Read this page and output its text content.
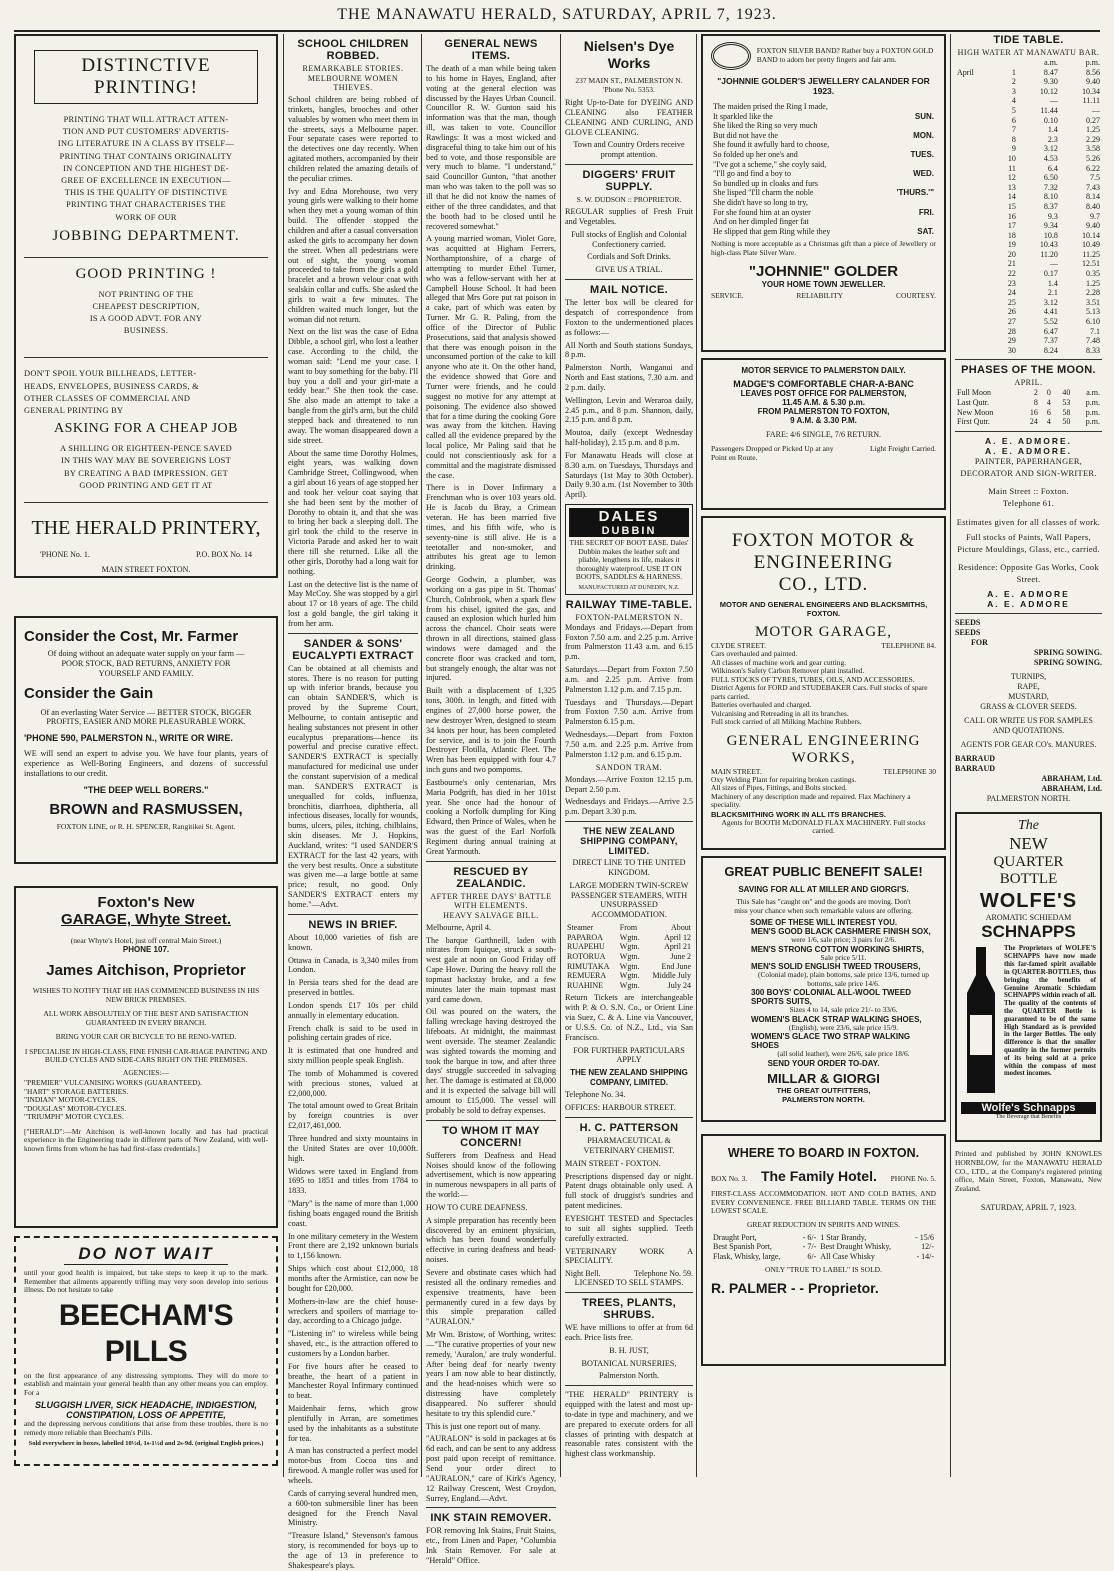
THE MANAWATU HERALD, SATURDAY, APRIL 7, 1923.
DISTINCTIVE PRINTING!
PRINTING THAT WILL ATTRACT ATTEN-
TION AND PUT CUSTOMERS' ADVERTIS-
ING LITERATURE IN A CLASS BY ITSELF—
PRINTING THAT CONTAINS ORIGINALITY
IN CONCEPTION AND THE HIGHEST DE-
GREE OF EXCELLENCE IN EXECUTION—
THIS IS THE QUALITY OF DISTINCTIVE
PRINTING THAT CHARACTERISES THE
WORK OF OUR
JOBBING DEPARTMENT.
GOOD PRINTING !
NOT PRINTING OF THE
CHEAPEST DESCRIPTION,
IS A GOOD ADVT. FOR ANY
BUSINESS.
DON'T SPOIL YOUR BILLHEADS, LETTER-
HEADS, ENVELOPES, BUSINESS CARDS, &
OTHER CLASSES OF COMMERCIAL AND
GENERAL PRINTING BY
ASKING FOR A CHEAP JOB
A SHILLING OR EIGHTEEN-PENCE SAVED
IN THIS WAY MAY BE SOVEREIGNS LOST
BY CREATING A BAD IMPRESSION. GET
GOOD PRINTING AND GET IT AT
THE HERALD PRINTERY,
'PHONE No. 1.	P.O. BOX No. 14
MAIN STREET FOXTON.
Consider the Cost, Mr. Farmer

Of doing without an adequate water supply on your farm — POOR STOCK, BAD RETURNS, ANXIETY FOR YOURSELF AND FAMILY.

Consider the Gain

Of an everlasting Water Service — BETTER STOCK, BIGGER PROFITS, EASIER AND MORE PLEASURABLE WORK.

'PHONE 590, PALMERSTON N., WRITE OR WIRE.

WE will send an expert to advise you. We have four plants, years of experience as Well-Boring Engineers, and dozens of successful installations to our credit.

"THE DEEP WELL BORERS."
BROWN and RASMUSSEN,
FOXTON LINE, or R. H. SPENCER, Rangitikei St. Agent.
Foxton's New
GARAGE, Whyte Street.
(near Whyte's Hotel, just off central Main Street.)
PHONE 107.
James Aitchison, Proprietor

WISHES TO NOTIFY THAT HE HAS COMMENCED BUSINESS IN HIS NEW BRICK PREMISES.

ALL WORK ABSOLUTELY OF THE BEST AND SATISFACTION GUARANTEED IN EVERY BRANCH.

BRING YOUR CAR OR BICYCLE TO BE RENO-VATED.

I SPECIALISE IN HIGH-CLASS, FINE FINISH CAR-RIAGE PAINTING AND BUILD CYCLES AND SIDE-CARS RIGHT ON THE PREMISES.

AGENCIES:—
"PREMIER" VULCANISING WORKS (GUARANTEED).
"HART" STORAGE BATTERIES.
"INDIAN" MOTOR-CYCLES.
"DOUGLAS" MOTOR-CYCLES.
"TRIUMPH" MOTOR CYCLES.

["HERALD":—Mr Aitchison is well-known locally and has had practical experience in the Engineering trade in different parts of New Zealand, with well-known firms from whom he has had first-class credentials.]

DO NOT WAIT

until your good health is impaired, but take steps to keep it up to the mark. Remember that ailments apparently trifling may very soon develop into serious illness. Do not hesitate to take

BEECHAM'S PILLS

on the first appearance of any distressing symptoms. They will do more to establish and maintain your general health than any other means you can employ. For a

SLUGGISH LIVER, SICK HEADACHE, INDIGESTION, CONSTIPATION, LOSS OF APPETITE,

and the depressing nervous conditions that arise from these troubles, there is no remedy more reliable than Beecham's Pills.

Sold everywhere in boxes, labelled 10½d, 1s-1½d and 2s-9d. (original English prices.)
SCHOOL CHILDREN ROBBED.
REMARKABLE STORIES.
MELBOURNE WOMEN THIEVES.

School children are being robbed of trinkets, bangles, brooches and other valuables by women who meet them in the streets, says a Melbourne paper. Four separate cases were reported to the detectives one day recently. When agitated mothers, accompanied by their children related the amazing details of the peculiar crimes.

Ivy and Edna Morehouse, two very young girls were walking to their home when they met a young woman of thin build. The offender stopped the children and after a casual conversation asked the girls to accompany her down the street. When all pedestrians were out of sight, the young woman proceeded to take from the girls a gold bracelet and a brown velour coat with sealskin collar and cuffs. She asked the girls to wait a few minutes. The children waited much longer, but the woman did not return.

Next on the list was the case of Edna Dibble, a school girl, who lost a leather case. According to the child, the woman said: "Lend me your case. I want to buy something for the baby. I'll buy you a doll and your girl-mate a teddy bear." She then took the case. She also made an attempt to take a bangle from the girl's arm, but the child stepped back and threatened to run away. The woman disappeared down a side street.

About the same time Dorothy Holmes, eight years, was walking down Cambridge Street, Collingwood, when a girl about 16 years of age stopped her and took her velour coat saying that she had been sent by the mother of Dorothy to obtain it, and that she was to bring her back a sleeping doll. The girl took the child to the reserve in Victoria Parade and asked her to wait there till she returned. Like all the other girls, Dorothy had a long wait for nothing.

Last on the detective list is the name of May McCoy. She was stopped by a girl about 17 or 18 years of age. The child lost a gold bangle, the girl taking it from her arm.

SANDER & SONS' EUCALYPTI EXTRACT

Can be obtained at all chemists and stores. There is no reason for putting up with inferior brands, because you can obtain SANDER'S, which is proved by the Supreme Court, Melbourne, to contain antiseptic and healing substances not present in other eucalyptus preparations—hence its powerful and precise curative effect. SANDER'S EXTRACT is specially manufactured for medicinal use under the constant supervision of a medical man. SANDER'S EXTRACT is unequalled for colds, influenza, bronchitis, diarrhoea, diphtheria, all infectious diseases, locally for wounds, burns, ulcers, piles, itching, chilblains, skin diseases. Mr J. Hopkins, Auckland, writes: "I used SANDER'S EXTRACT for the last 42 years, with the very best results. Once a substitute was given me—a large bottle at same price; result, no good. Only SANDER'S EXTRACT enters my home."—Advt.

NEWS IN BRIEF.

About 10,000 varieties of fish are known.

Ottawa in Canada, is 3,340 miles from London.

In Persia tears shed for the dead are preserved in bottles.

London spends £17 10s per child annually in elementary education.

French chalk is said to be used in polishing certain grades of rice.

It is estimated that one hundred and sixty million people speak English.

The tomb of Mohammed is covered with precious stones, valued at £2,000,000.

The total amount owed to Great Britain by foreign countries is over £2,017,461,000.

Three hundred and sixty mountains in the United States are over 10,000ft. high.

Widows were taxed in England from 1695 to 1851 and titles from 1784 to 1833.

"Mary" is the name of more than 1,000 fishing boats engaged round the British coast.

In one military cemetery in the Western Front there are 2,192 unknown burials to 1,156 known.

Ships which cost about £12,000, 18 months after the Armistice, can now be bought for £20,000.

Mothers-in-law are the chief house-wreckers and spoilers of marriage to-day, according to a Chicago judge.

"Listening in" to wireless while being shaved, etc., is the attraction offered to customers by a London barber.

For five hours after he ceased to breathe, the heart of a patient in Manchester Royal Infirmary continued to beat.

Maidenhair ferns, which grow plentifully in Arran, are sometimes used by the inhabitants as a substitute for tea.

A man has constructed a perfect model motor-bus from Cocoa tins and firewood. A mangle roller was used for wheels.

Cards of carrying several hundred men, a 600-ton submersible liner has been designed for the French Naval Ministry.

"Treasure Island," Stevenson's famous story, is recommended for boys up to the age of 13 in preference to Shakespeare's plays.

GENERAL NEWS ITEMS.

The death of a man while being taken to his home in Hayes, England, after voting at the general election was discussed by the Hayes Urban Council. Councillor R. W. Gunton said his information was that the man, though ill, was taken to vote. Councillor Rawlings: It was a most wicked and disgraceful thing to take him out of his bed to vote, and those responsible are very much to blame. "I understand," said Councillor Gunton, "that another man who was taken to the poll was so ill that he did not know the names of either of the three candidates, and that the booth had to be closed until he recovered somewhat."

A young married woman, Violet Gore, was acquitted at Higham Ferrers, Northamptonshire, of a charge of attempting to murder Ethel Turner, who was a fellow-servant with her at Campbell House School. It had been alleged that Mrs Gore put rat poison in a cake, part of which was eaten by Turner. Mr G. R. Paling, from the office of the Director of Public Prosecutions, said that analysis showed that there was enough poison in the unconsumed portion of the cake to kill anyone who ate it. On the other hand, the evidence showed that Gore and Turner were friends, and he could suggest no motive for any attempt at poisoning. The evidence also showed that for a time during the cooking Gore was away from the kitchen. Having called all the evidence prepared by the local police, Mr Paling said that he could not conscientiously ask for a committal and the magistrate dismissed the case.

There is in Dover Infirmary a Frenchman who is over 103 years old. He is Jacob du Bray, a Crimean veteran. He has been married five times, and his fifth wife, who is seventy-nine is still alive. He is a teetotaller and non-smoker, and attributes his great age to lemon drinking.

George Godwin, a plumber, was working on a gas pipe in St. Thomas' Church, Colnbrook, when a spark flew from his chisel, ignited the gas, and caused an explosion which hurled him across the chancel. Choir seats were thrown in all directions, stained glass windows were damaged and the concrete floor was cracked and torn, but strangely enough, the altar was not injured.

Built with a displacement of 1,325 tons, 300ft. in length, and fitted with engines of 27,000 horse power, the new destroyer Wren, designed to steam 34 knots per hour, has been completed for service, and is to join the Fourth Destroyer Flotilla, Atlantic Fleet. The Wren has been equipped with four 4.7 inch guns and two pompoms.

Eastbourne's only centenarian, Mrs Maria Podgrift, has died in her 101st year. She once had the honour of cooking a Norfolk dumpling for King Edward, then Prince of Wales, when he was the guest of the Earl Norfolk Regiment during annual training at Great Yarmouth.

RESCUED BY ZEALANDIC.
AFTER THREE DAYS' BATTLE WITH ELEMENTS.
HEAVY SALVAGE BILL.

Melbourne, April 4.

The barque Garthneill, laden with nitrates from Iquique, struck a south-west gale at noon on Good Friday off Cape Howe. During the heavy roll the topmast backstay broke, and a few minutes later the main topmast mast yard came down.

Oil was poured on the waters, the falling wreckage having destroyed the lifeboats. At midnight, the mainmast went overside. The steamer Zealandic was sighted towards the morning and took the barque in tow, and after three days' struggle succeeded in salvaging her. The damage is estimated at £8,000 and it is expected the salvage bill will amount to £15,000. The vessel will probably be sold to defray expenses.

TO WHOM IT MAY CONCERN!

Sufferers from Deafness and Head Noises should know of the following advertisement, which is now appearing in numerous newspapers in all parts of the world:—

HOW TO CURE DEAFNESS.

A simple preparation has recently been discovered by an eminent physician, which has been found wonderfully effective in curing deafness and head-noises.

Severe and obstinate cases which had resisted all the ordinary remedies and expensive treatments, have been permanently cured in a few days by this simple preparation called "AURALON."

Mr Wm. Bristow, of Worthing, writes:—"The curative properties of your new remedy, 'Auralon,' are truly wonderful. After being deaf for nearly twenty years I am now able to hear distinctly, and the head-noises which were so distressing have completely disappeared. No sufferer should hesitate to try this splendid cure."

This is just one report out of many.

"AURALON" is sold in packages at 6s 6d each, and can be sent to any address post paid upon receipt of remittance. Send your order direct to "AURALON," care of Kirk's Agency, 12 Railway Crescent, West Croydon, Surrey, England.—Advt.

INK STAIN REMOVER.

FOR removing Ink Stains, Fruit Stains, etc., from Linen and Paper, "Columbia Ink Stain Remover. For sale at "Herald" Office.

Nielsen's Dye Works
237 MAIN ST., PALMERSTON N.
'Phone No. 5353.

Right Up-to-Date for DYEING AND CLEANING also FEATHER CLEANING AND CURLING, AND GLOVE CLEANING.

Town and Country Orders receive prompt attention.

DIGGERS' FRUIT SUPPLY.
S. W. DUDSON :: PROPRIETOR.

REGULAR supplies of Fresh Fruit and Vegetables.

Full stocks of English and Colonial Confectionery carried.

Cordials and Soft Drinks.

GIVE US A TRIAL.

MAIL NOTICE.

The letter box will be cleared for despatch of correspondence from Foxton to the undermentioned places as follows:—

All North and South stations Sundays, 8 p.m.

Palmerston North, Wanganui and North and East stations, 7.30 a.m. and 2 p.m. daily.

Wellington, Levin and Weraroa daily, 2.45 p.m., and 8 p.m. Shannon, daily, 2.15 p.m. and 8 p.m.

Moutoa, daily (except Wednesday half-holiday), 2.15 p.m. and 8 p.m.

For Manawatu Heads will close at 8.30 a.m. on Tuesdays, Thursdays and Saturdays (1st May to 30th October). Daily 9.30 a.m. (1st November to 30th April).

DALES
DUBBIN

THE SECRET OF BOOT EASE. Dales' Dubbin makes the leather soft and pliable, lengthens its life, makes it thoroughly waterproof. USE IT ON BOOTS, SADDLES & HARNESS.

MANUFACTURED AT DUNEDIN, N.Z.
RAILWAY TIME-TABLE.
FOXTON-PALMERSTON N.

Mondays and Fridays.—Depart from Foxton 7.50 a.m. and 2.25 p.m. Arrive from Palmerston 11.43 a.m. and 6.15 p.m.

Saturdays.—Depart from Foxton 7.50 a.m. and 2.25 p.m. Arrive from Palmerston 1.12 p.m. and 7.15 p.m.

Tuesdays and Thursdays.—Depart from Foxton 7.50 a.m. Arrive from Palmerston 6.15 p.m.

Wednesdays.—Depart from Foxton 7.50 a.m. and 2.25 p.m. Arrive from Palmerston 1.12 p.m. and 6.15 p.m.

SANDON TRAM.

Mondays.—Arrive Foxton 12.15 p.m. Depart 2.50 p.m.

Wednesdays and Fridays.—Arrive 2.5 p.m. Depart 3.30 p.m.

THE NEW ZEALAND SHIPPING COMPANY, LIMITED.

DIRECT LINE TO THE UNITED KINGDOM.

LARGE MODERN TWIN-SCREW PASSENGER STEAMERS, WITH UNSURPASSED ACCOMMODATION.

Steamer	From	About
PAPAROA	Wgtn.	April 12
RUAPEHU	Wgtn.	April 21
ROTORUA	Wgtn.	June 2
RIMUTAKA	Wgtn.	End June
REMUERA	Wgtn.	Middle July
RUAHINE	Wgtn.	July 24

Return Tickets are interchangeable with P. & O. S.N. Co., or Orient Line via Suez, C. & A. Line via Vancouver, or U.S.S. Co. of N.Z., Ltd., via San Francisco.

FOR FURTHER PARTICULARS APPLY

THE NEW ZEALAND SHIPPING COMPANY, LIMITED.

Telephone No. 34.

OFFICES: HARBOUR STREET.

H. C. PATTERSON

PHARMACEUTICAL & VETERINARY CHEMIST.

MAIN STREET - FOXTON.

Prescriptions dispensed day or night. Patent drugs obtainable only used. A full stock of druggist's sundries and patent medicines.

EYESIGHT TESTED and Spectacles to suit all sights supplied. Teeth carefully extracted.

VETERINARY WORK A SPECIALITY.

Night Bell.	Telephone No. 59.

LICENSED TO SELL STAMPS.

TREES, PLANTS, SHRUBS.

WE have millions to offer at from 6d each. Price lists free.

B. H. JUST,

BOTANICAL NURSERIES,

Palmerston North.

"THE HERALD" PRINTERY is equipped with the latest and most up-to-date in type and machinery, and we are prepared to execute orders for all classes of printing with despatch at reasonable rates consistent with the highest class workmanship.

FOXTON SILVER BAND? Rather buy a FOXTON GOLD BAND to adorn her pretty fingers and fair arm.
"JOHNNIE GOLDER'S JEWELLERY CALANDER FOR 1923.
The maiden prised the Ring I made,	
It sparkled like the	SUN.
She liked the Ring so very much	
But did not have the	MON.
She found it awfully hard to choose,	
So folded up her one's and	TUES.
"I've got a scheme," she coyly said,	
"I'll go and find a boy to	WED.
So bundled up in cloaks and furs	
She lisped "I'll charm the noble	'THURS.'"
She didn't have so long to try,	
For she found him at an oyster	FRI.
And on her dimpled finger fat	
He slipped that gem Ring while they	SAT.

Nothing is more acceptable as a Christmas gift than a piece of Jewellery or high-class Plate Silver Ware.

"JOHNNIE" GOLDER
YOUR HOME TOWN JEWELLER.
SERVICE.	RELIABILITY	COURTESY.
MOTOR SERVICE TO PALMERSTON DAILY.
MADGE'S COMFORTABLE CHAR-A-BANC
LEAVES POST OFFICE FOR PALMERSTON,
11.45 A.M. & 5.30 p.m.
FROM PALMERSTON TO FOXTON,
9 A.M. & 3.30 P.M.
FARE: 4/6 SINGLE, 7/6 RETURN.
Passengers Dropped or Picked Up at any Point en Route.
Light Freight Carried.
FOXTON MOTOR &
ENGINEERING
CO., LTD.
MOTOR AND GENERAL ENGINEERS AND BLACKSMITHS, FOXTON.
MOTOR GARAGE,
CLYDE STREET.	TELEPHONE 84.
Cars overhauled and painted.
All classes of machine work and gear cutting.
Wilkinson's Safety Carbon Remover plant installed.
FULL STOCKS OF TYRES, TUBES, OILS, AND ACCESSORIES.
District Agents for FORD and STUDEBAKER Cars. Full stocks of spare parts carried.
Batteries overhauled and charged.
Vulcanising and Retreading in all its branches.
Full stock carried of all Milking Machine Rubbers.
GENERAL ENGINEERING WORKS,
MAIN STREET.	TELEPHONE 30
Oxy Welding Plant for repairing broken castings.
All sizes of Pipes, Fittings, and Bolts stocked.
Machinery of any description made and repaired. Flax Machinery a speciality.
BLACKSMITHING WORK IN ALL ITS BRANCHES.
Agents for BOOTH McDONALD FLAX MACHINERY. Full stocks carried.
GREAT PUBLIC BENEFIT SALE!
SAVING FOR ALL AT MILLER AND GIORGI'S.

This Sale has "caught on" and the goods are moving. Don't miss your chance when such remarkable values are offering.

SOME OF THESE WILL INTEREST YOU.
MEN'S GOOD BLACK CASHMERE FINISH SOX,
were 1/6, sale price; 3 pairs for 2/6.
MEN'S STRONG COTTON WORKING SHIRTS,
Sale price 5/11.
MEN'S SOLID ENGLISH TWEED TROUSERS,
(Colonial made), plain bottoms, sale price 13/6, turned up bottoms, sale price 14/6.
300 BOYS' COLONIAL ALL-WOOL TWEED SPORTS SUITS,
Sizes 4 to 14, sale price 21/- to 33/6.
WOMEN'S BLACK STRAP WALKING SHOES,
(English), were 23/6, sale price 15/9.
WOMEN'S GLACE TWO STRAP WALKING SHOES
(all solid leather), were 26/6, sale price 18/6.
SEND YOUR ORDER TO-DAY.
MILLAR & GIORGI
THE GREAT OUTFITTERS,
PALMERSTON NORTH.
WHERE TO BOARD IN FOXTON.
BOX No. 3. The Family Hotel. PHONE No. 5.

FIRST-CLASS ACCOMMODATION. HOT AND COLD BATHS, AND EVERY CONVENIENCE. FREE BILLIARD TABLE. TERMS ON THE LOWEST SCALE.

GREAT REDUCTION IN SPIRITS AND WINES.
Draught Port,	- 6/-	1 Star Brandy,	- 15/6
Best Spanish Port,	- 7/-	Best Draught Whisky,	12/-
Flask, Whisky, large,	6/-	All Case Whisky	- 14/-
ONLY "TRUE TO LABEL" IS SOLD.
R. PALMER - - Proprietor.
TIDE TABLE.
HIGH WATER AT MANAWATU BAR.
		a.m.	p.m.
April	1	8.47	8.56
	2	9.30	9.40
	3	10.12	10.34
	4	—	11.11
	5	11.44	—
	6	0.10	0.27
	7	1.4	1.25
	8	2.3	2.29
	9	3.12	3.58
	10	4.53	5.26
	11	6.4	6.22
	12	6.50	7.5
	13	7.32	7.43
	14	8.10	8.14
	15	8.37	8.40
	16	9.3	9.7
	17	9.34	9.40
	18	10.8	10.14
	19	10.43	10.49
	20	11.20	11.25
	21	—	12.51
	22	0.17	0.35
	23	1.4	1.25
	24	2.1	2.28
	25	3.12	3.51
	26	4.41	5.13
	27	5.52	6.10
	28	6.47	7.1
	29	7.37	7.48
	30	8.24	8.33
PHASES OF THE MOON.
APRIL.
Full Moon	2	0	40	a.m.
Last Qutr.	8	4	53	p.m.
New Moon	16	6	58	p.m.
First Qutr.	24	4	50	p.m.
A. E. ADMORE.
A. E. ADMORE.

PAINTER, PAPERHANGER, DECORATOR AND SIGN-WRITER.

Main Street :: Foxton.
Telephone 61.

Estimates given for all classes of work.

Full stocks of Paints, Wall Papers, Picture Mouldings, Glass, etc., carried.

Residence: Opposite Gas Works, Cook Street.

A. E. ADMORE
A. E. ADMORE
SEEDS
SEEDS
FOR
SPRING SOWING.
SPRING SOWING.
TURNIPS,
RAPE,
MUSTARD,
GRASS & CLOVER SEEDS.
CALL OR WRITE US FOR SAMPLES AND QUOTATIONS.
AGENTS FOR GEAR CO's. MANURES.
BARRAUD
BARRAUD
ABRAHAM, Ltd.
ABRAHAM, Ltd.
PALMERSTON NORTH.
The
NEW
QUARTER
BOTTLE
WOLFE'S
AROMATIC SCHIEDAM
SCHNAPPS

The Proprietors of WOLFE'S SCHNAPPS have now made this far-famed spirit available in QUARTER-BOTTLES, thus bringing the benefits of Genuine Aromatic Schiedam SCHNAPPS within reach of all. The quality of the contents of the QUARTER Bottle is guaranteed to be of the same High Standard as is provided in the larger Bottles. The only difference is that the smaller quantity in the former permits of its being sold at a price within the compass of most modest incomes.

Wolfe's Schnapps
The Beverage that Benefits

Printed and published by JOHN KNOWLES HORNBLOW, for the MANAWATU HERALD CO., LTD., at the Company's registered printing office, Main Street, Foxton, Manawatu, New Zealand.

SATURDAY, APRIL 7, 1923.
